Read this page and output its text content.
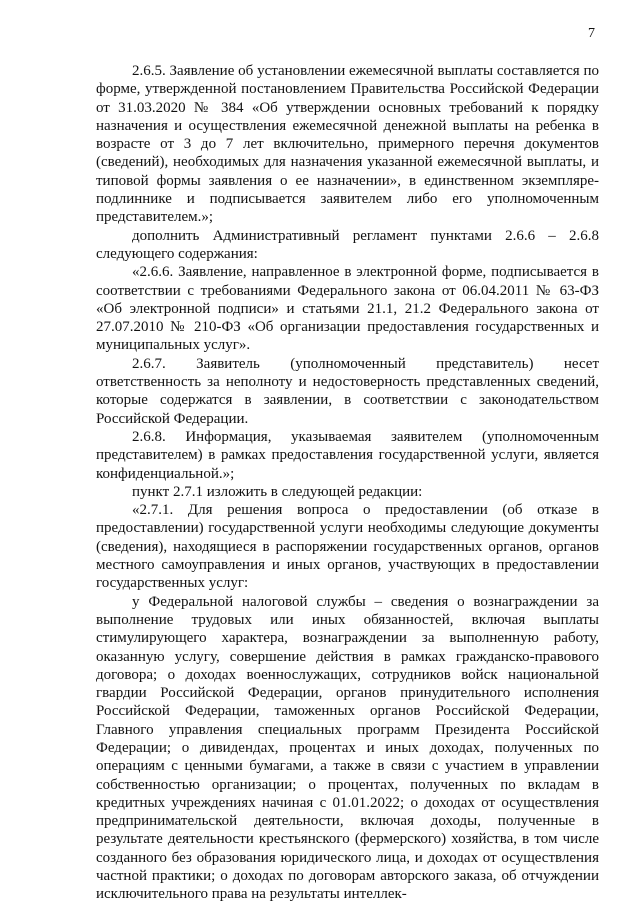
7

2.6.5. Заявление об установлении ежемесячной выплаты составляется по форме, утвержденной постановлением Правительства Российской Федерации от 31.03.2020 № 384 «Об утверждении основных требований к порядку назначения и осуществления ежемесячной денежной выплаты на ребенка в возрасте от 3 до 7 лет включительно, примерного перечня документов (сведений), необходимых для назначения указанной ежемесячной выплаты, и типовой формы заявления о ее назначении», в единственном экземпляре-подлиннике и подписывается заявителем либо его уполномоченным представителем.»;

дополнить Административный регламент пунктами 2.6.6 – 2.6.8 следующего содержания:

«2.6.6. Заявление, направленное в электронной форме, подписывается в соответствии с требованиями Федерального закона от 06.04.2011 № 63-ФЗ «Об электронной подписи» и статьями 21.1, 21.2 Федерального закона от 27.07.2010 № 210-ФЗ «Об организации предоставления государственных и муниципальных услуг».

2.6.7. Заявитель (уполномоченный представитель) несет ответственность за неполноту и недостоверность представленных сведений, которые содержатся в заявлении, в соответствии с законодательством Российской Федерации.

2.6.8. Информация, указываемая заявителем (уполномоченным представителем) в рамках предоставления государственной услуги, является конфиденциальной.»;

пункт 2.7.1 изложить в следующей редакции:

«2.7.1. Для решения вопроса о предоставлении (об отказе в предоставлении) государственной услуги необходимы следующие документы (сведения), находящиеся в распоряжении государственных органов, органов местного самоуправления и иных органов, участвующих в предоставлении государственных услуг:

у Федеральной налоговой службы – сведения о вознаграждении за выполнение трудовых или иных обязанностей, включая выплаты стимулирующего характера, вознаграждении за выполненную работу, оказанную услугу, совершение действия в рамках гражданско-правового договора; о доходах военнослужащих, сотрудников войск национальной гвардии Российской Федерации, органов принудительного исполнения Российской Федерации, таможенных органов Российской Федерации, Главного управления специальных программ Президента Российской Федерации; о дивидендах, процентах и иных доходах, полученных по операциям с ценными бумагами, а также в связи с участием в управлении собственностью организации; о процентах, полученных по вкладам в кредитных учреждениях начиная с 01.01.2022; о доходах от осуществления предпринимательской деятельности, включая доходы, полученные в результате деятельности крестьянского (фермерского) хозяйства, в том числе созданного без образования юридического лица, и доходах от осуществления частной практики; о доходах по договорам авторского заказа, об отчуждении исключительного права на результаты интеллек-
